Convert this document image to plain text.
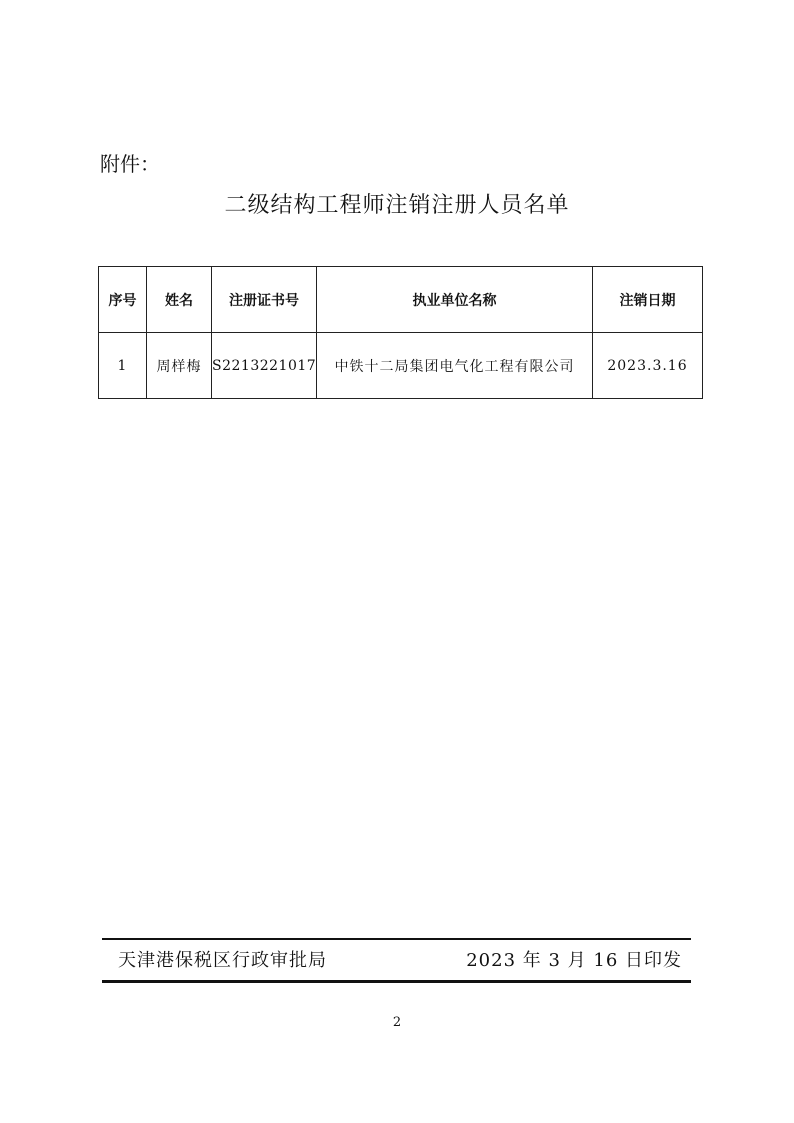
附件：
二级结构工程师注销注册人员名单
序号	姓名	注册证书号	执业单位名称	注销日期
1	周样梅	S2213221017	中铁十二局集团电气化工程有限公司	2023.3.16
天津港保税区行政审批局	2023 年 3 月 16 日印发
2
